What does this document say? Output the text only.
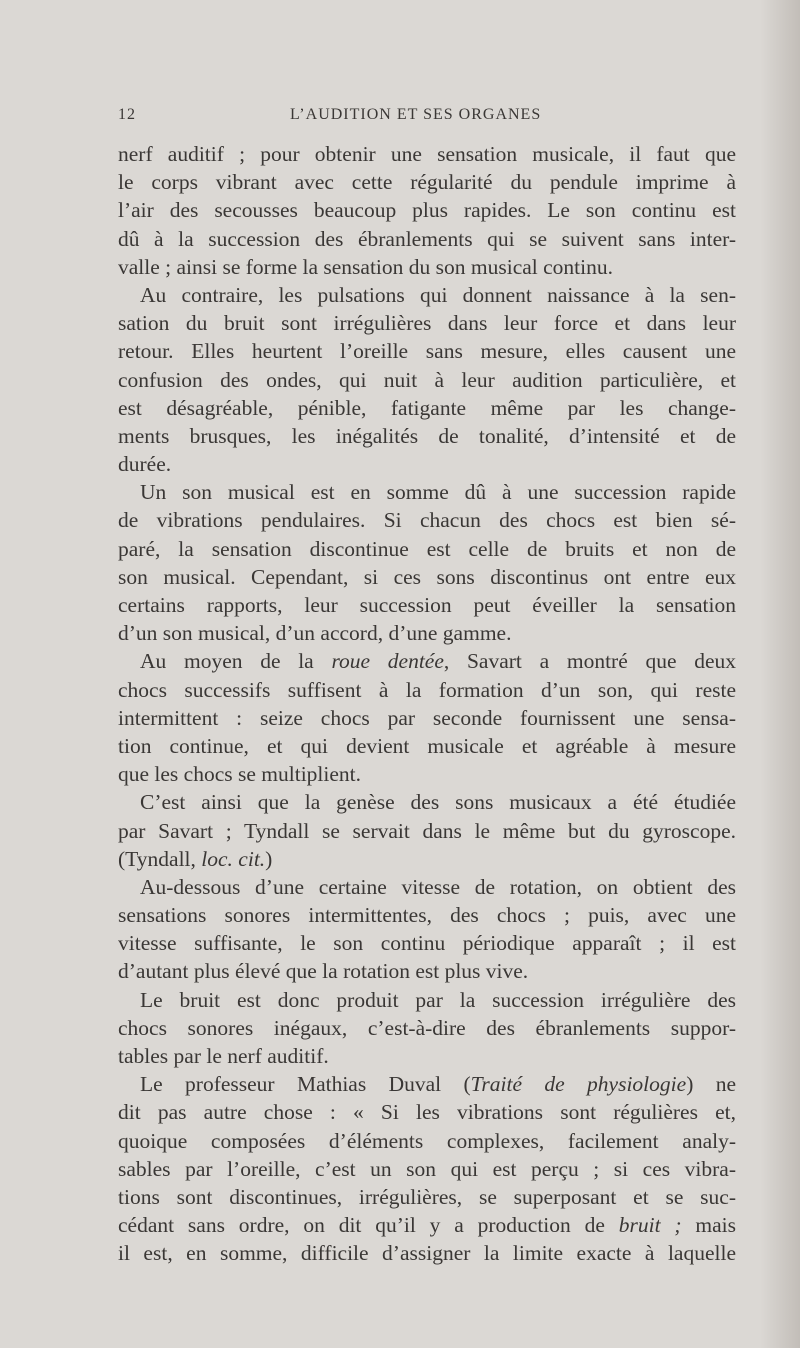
12	L’AUDITION ET SES ORGANES
nerf auditif ; pour obtenir une sensation musicale, il faut que
le corps vibrant avec cette régularité du pendule imprime à
l’air des secousses beaucoup plus rapides. Le son continu est
dû à la succession des ébranlements qui se suivent sans inter-
valle ; ainsi se forme la sensation du son musical continu.
Au contraire, les pulsations qui donnent naissance à la sen-
sation du bruit sont irrégulières dans leur force et dans leur
retour. Elles heurtent l’oreille sans mesure, elles causent une
confusion des ondes, qui nuit à leur audition particulière, et
est désagréable, pénible, fatigante même par les change-
ments brusques, les inégalités de tonalité, d’intensité et de
durée.
Un son musical est en somme dû à une succession rapide
de vibrations pendulaires. Si chacun des chocs est bien sé-
paré, la sensation discontinue est celle de bruits et non de
son musical. Cependant, si ces sons discontinus ont entre eux
certains rapports, leur succession peut éveiller la sensation
d’un son musical, d’un accord, d’une gamme.
Au moyen de la roue dentée, Savart a montré que deux
chocs successifs suffisent à la formation d’un son, qui reste
intermittent : seize chocs par seconde fournissent une sensa-
tion continue, et qui devient musicale et agréable à mesure
que les chocs se multiplient.
C’est ainsi que la genèse des sons musicaux a été étudiée
par Savart ; Tyndall se servait dans le même but du gyroscope.
(Tyndall, loc. cit.)
Au-dessous d’une certaine vitesse de rotation, on obtient des
sensations sonores intermittentes, des chocs ; puis, avec une
vitesse suffisante, le son continu périodique apparaît ; il est
d’autant plus élevé que la rotation est plus vive.
Le bruit est donc produit par la succession irrégulière des
chocs sonores inégaux, c’est-à-dire des ébranlements suppor-
tables par le nerf auditif.
Le professeur Mathias Duval (Traité de physiologie) ne
dit pas autre chose : « Si les vibrations sont régulières et,
quoique composées d’éléments complexes, facilement analy-
sables par l’oreille, c’est un son qui est perçu ; si ces vibra-
tions sont discontinues, irrégulières, se superposant et se suc-
cédant sans ordre, on dit qu’il y a production de bruit ; mais
il est, en somme, difficile d’assigner la limite exacte à laquelle
